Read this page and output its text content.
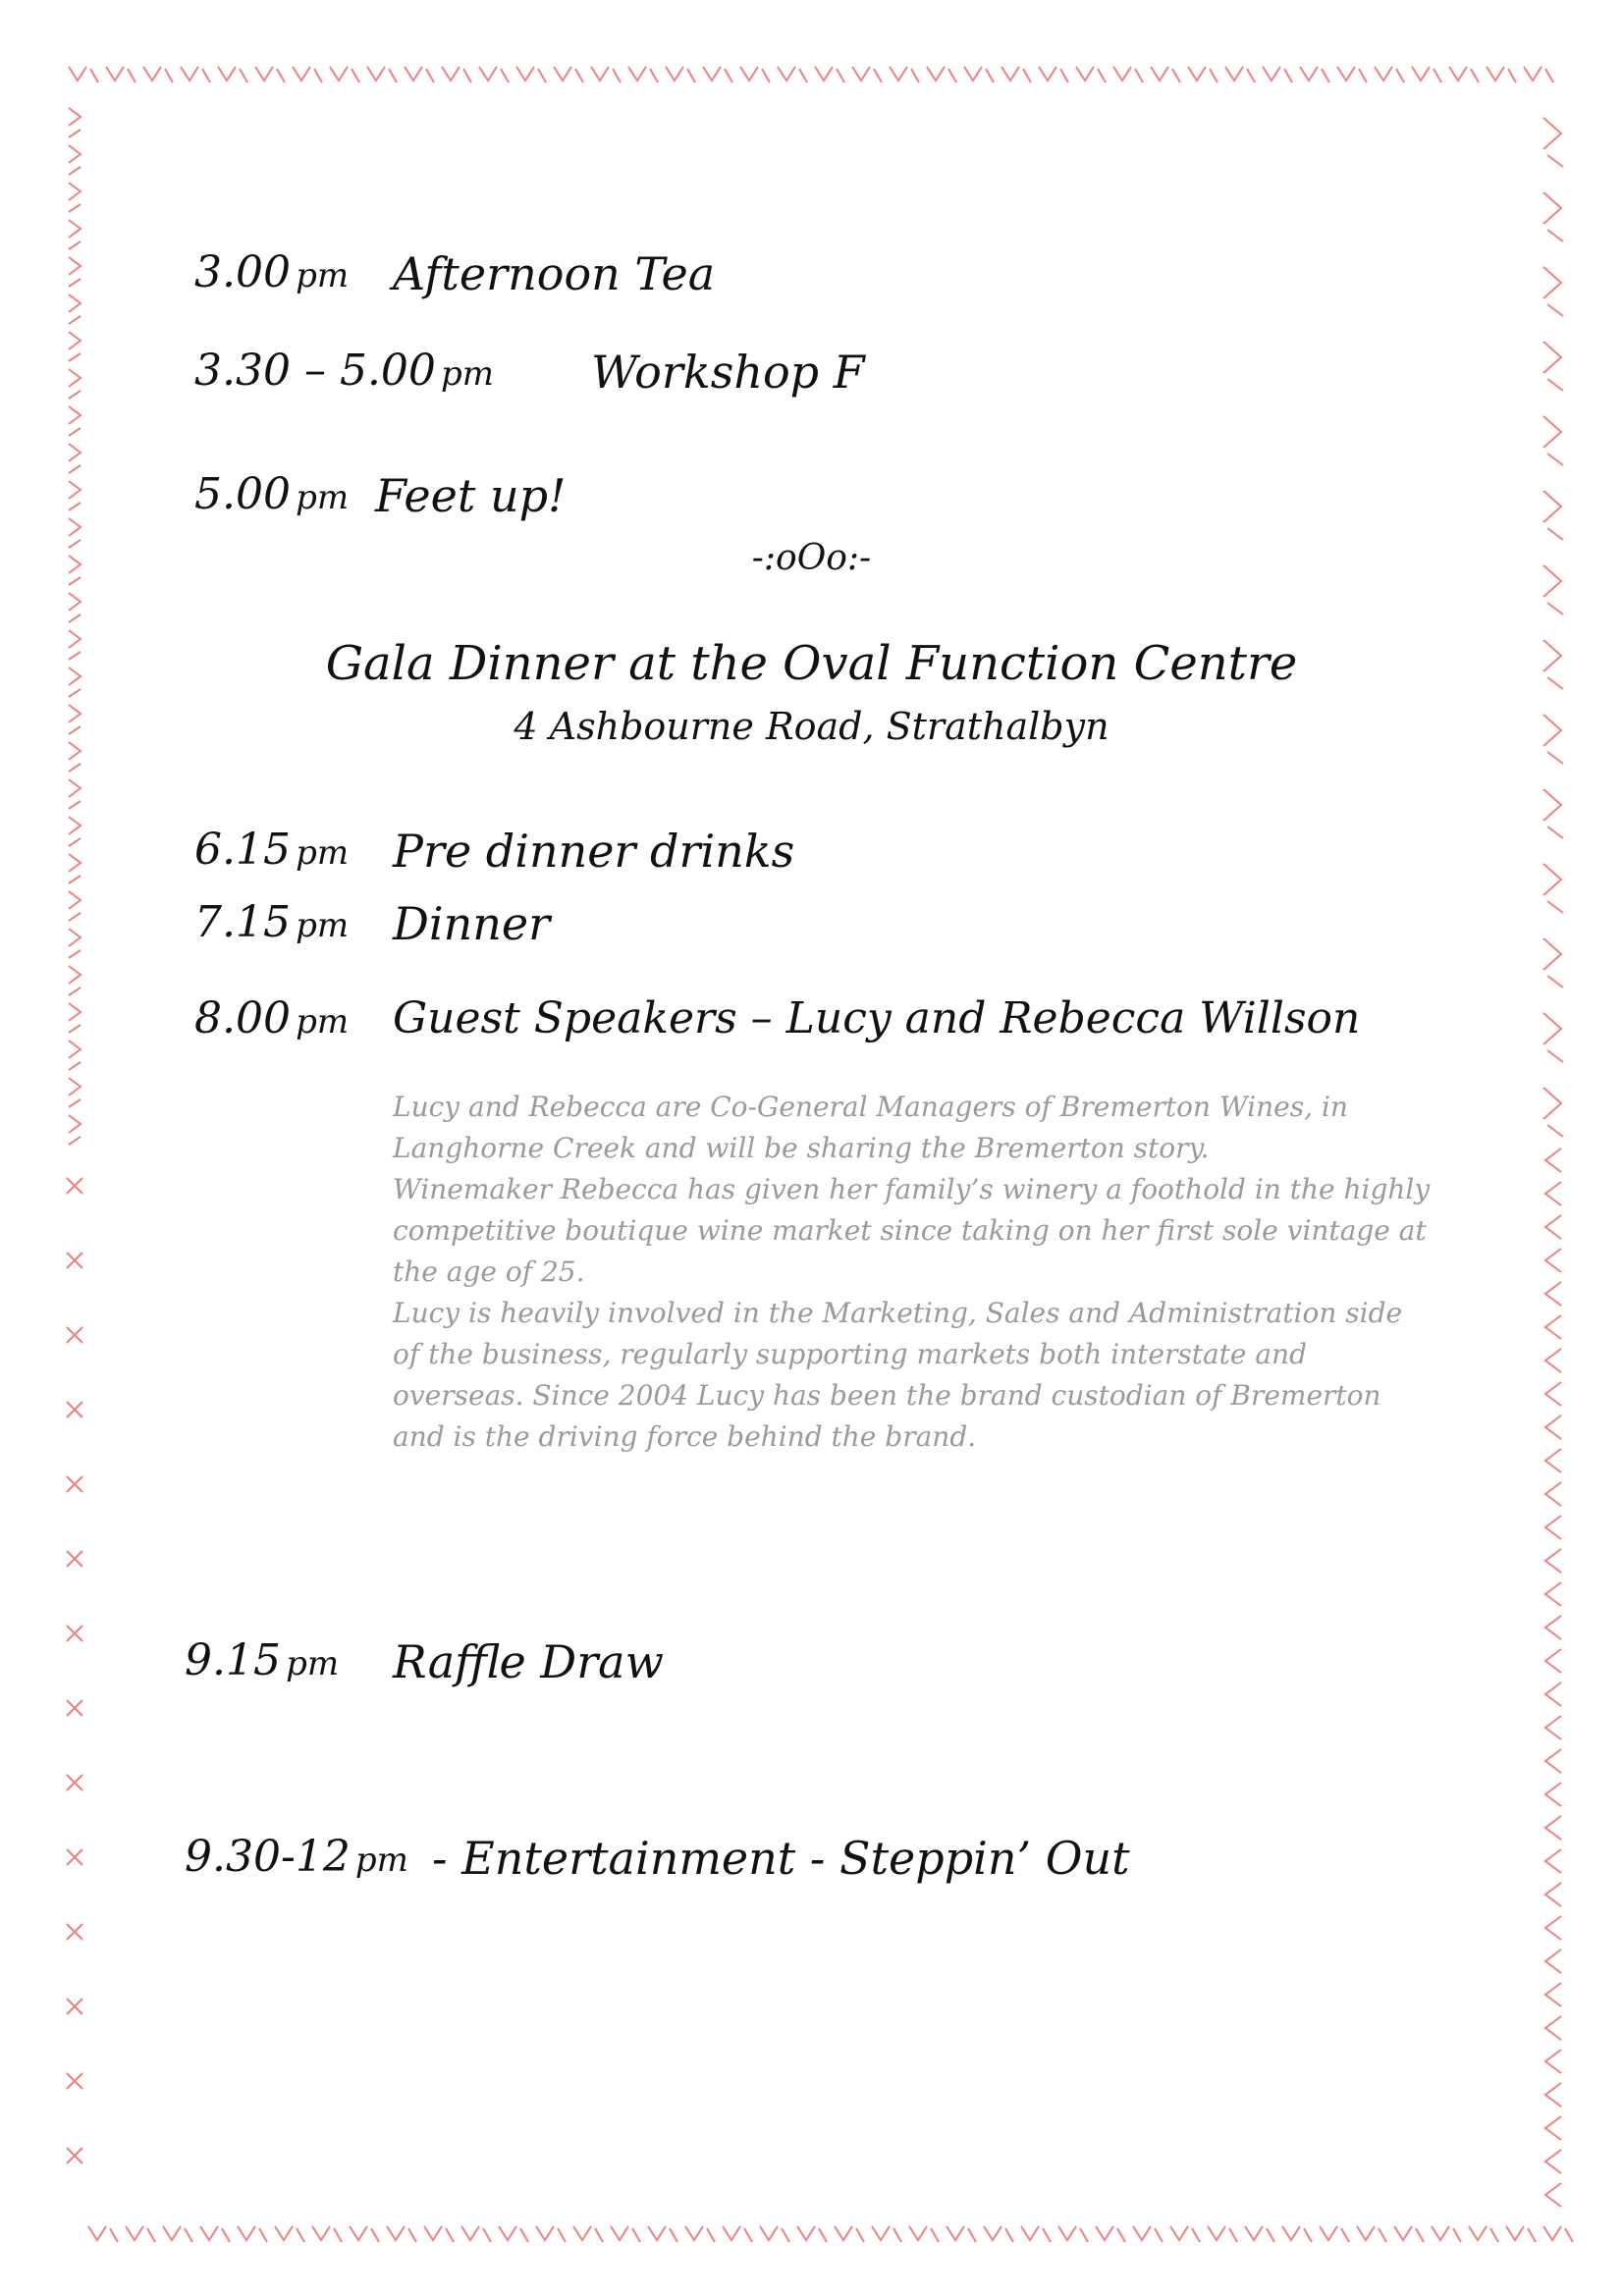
3.00 pm Afternoon Tea
3.30 – 5.00 pm Workshop F
5.00 pm Feet up!
-:oOo:-
Gala Dinner at the Oval Function Centre
4 Ashbourne Road, Strathalbyn
6.15 pm Pre dinner drinks
7.15 pm Dinner
8.00 pm Guest Speakers – Lucy and Rebecca Willson

Lucy and Rebecca are Co-General Managers of Bremerton Wines, in Langhorne Creek and will be sharing the Bremerton story.

Winemaker Rebecca has given her family’s winery a foothold in the highly competitive boutique wine market since taking on her first sole vintage at the age of 25.

Lucy is heavily involved in the Marketing, Sales and Administration side of the business, regularly supporting markets both interstate and overseas. Since 2004 Lucy has been the brand custodian of Bremerton and is the driving force behind the brand.

9.15 pm Raffle Draw
9.30-12 pm - Entertainment - Steppin’ Out
